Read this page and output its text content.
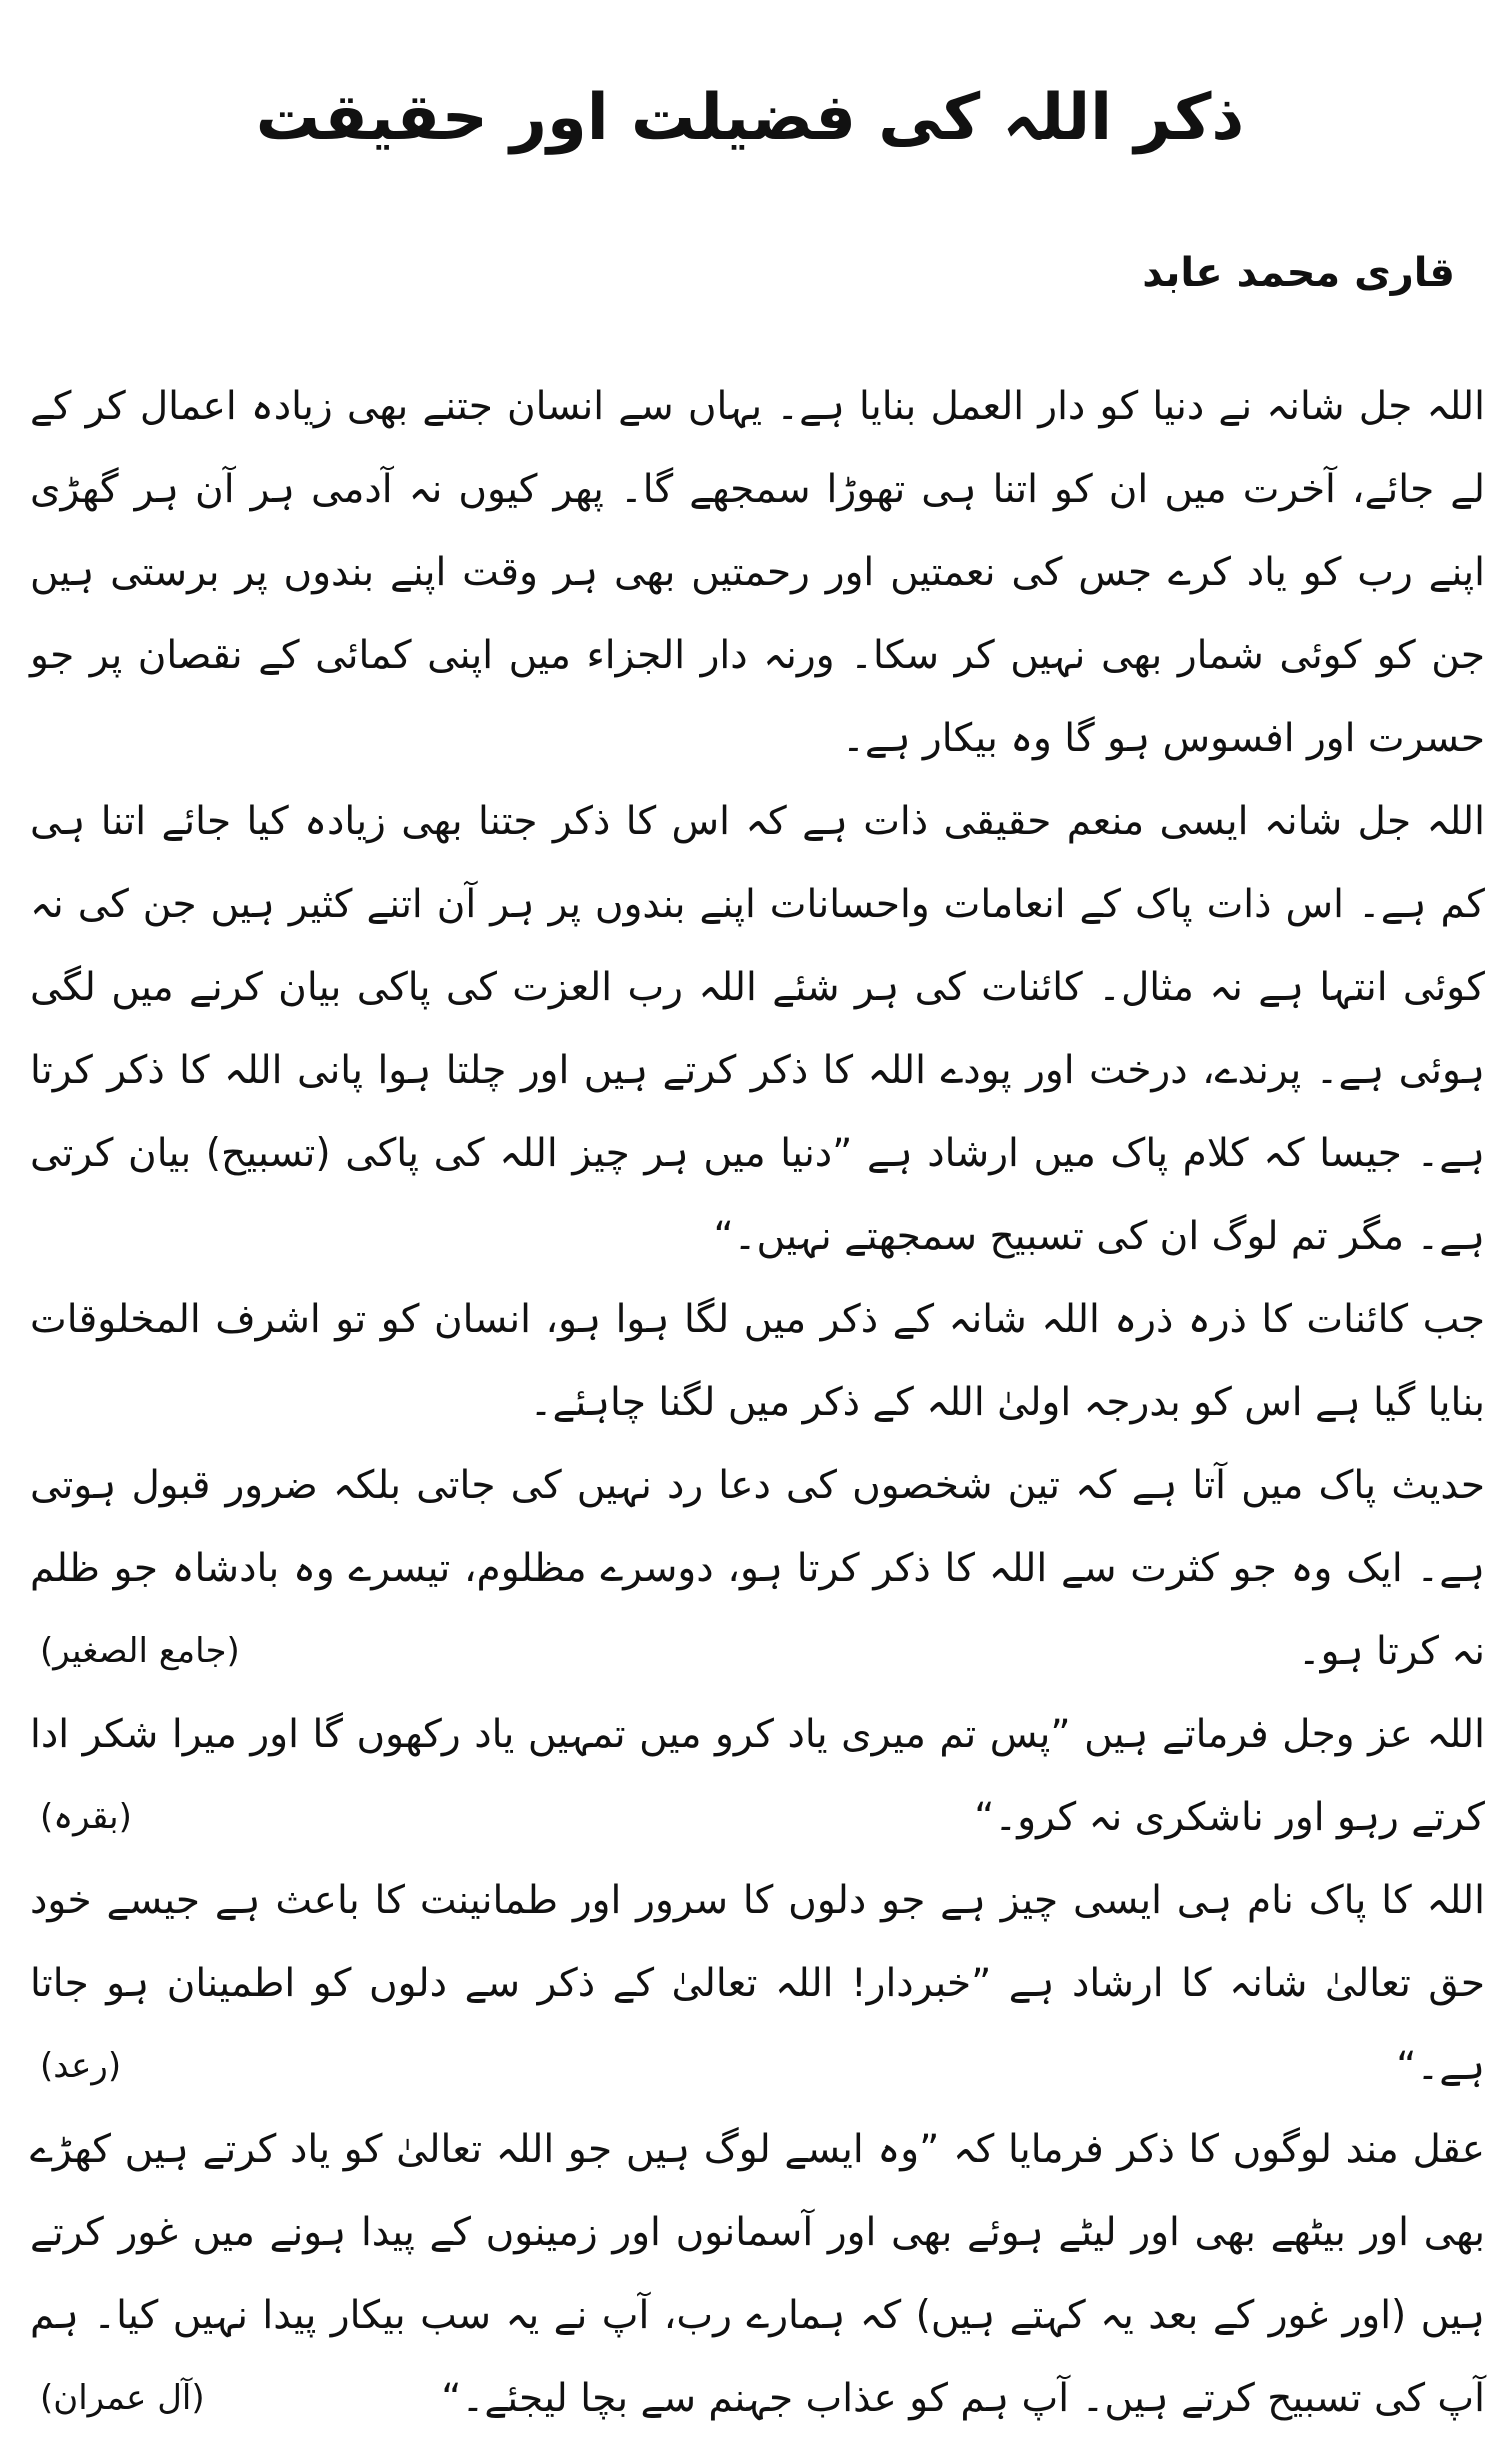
ذکر اللہ کی فضیلت اور حقیقت
قاری محمد عابد

اللہ جل شانہ نے دنیا کو دار العمل بنایا ہے۔ یہاں سے انسان جتنے بھی زیادہ اعمال کر کے لے جائے، آخرت میں ان کو اتنا ہی تھوڑا سمجھے گا۔ پھر کیوں نہ آدمی ہر آن ہر گھڑی اپنے رب کو یاد کرے جس کی نعمتیں اور رحمتیں بھی ہر وقت اپنے بندوں پر برستی ہیں جن کو کوئی شمار بھی نہیں کر سکا۔ ورنہ دار الجزاء میں اپنی کمائی کے نقصان پر جو حسرت اور افسوس ہو گا وہ بیکار ہے۔

اللہ جل شانہ ایسی منعم حقیقی ذات ہے کہ اس کا ذکر جتنا بھی زیادہ کیا جائے اتنا ہی کم ہے۔ اس ذات پاک کے انعامات واحسانات اپنے بندوں پر ہر آن اتنے کثیر ہیں جن کی نہ کوئی انتہا ہے نہ مثال۔ کائنات کی ہر شئے اللہ رب العزت کی پاکی بیان کرنے میں لگی ہوئی ہے۔ پرندے، درخت اور پودے اللہ کا ذکر کرتے ہیں اور چلتا ہوا پانی اللہ کا ذکر کرتا ہے۔ جیسا کہ کلام پاک میں ارشاد ہے ”دنیا میں ہر چیز اللہ کی پاکی (تسبیح) بیان کرتی ہے۔ مگر تم لوگ ان کی تسبیح سمجھتے نہیں۔“

جب کائنات کا ذرہ ذرہ اللہ شانہ کے ذکر میں لگا ہوا ہو، انسان کو تو اشرف المخلوقات بنایا گیا ہے اس کو بدرجہ اولیٰ اللہ کے ذکر میں لگنا چاہئے۔

حدیث پاک میں آتا ہے کہ تین شخصوں کی دعا رد نہیں کی جاتی بلکہ ضرور قبول ہوتی ہے۔ ایک وہ جو کثرت سے اللہ کا ذکر کرتا ہو، دوسرے مظلوم، تیسرے وہ بادشاہ جو ظلم نہ کرتا ہو۔
(جامع الصغیر)

اللہ عز وجل فرماتے ہیں ”پس تم میری یاد کرو میں تمہیں یاد رکھوں گا اور میرا شکر ادا کرتے رہو اور ناشکری نہ کرو۔“
(بقرہ)

اللہ کا پاک نام ہی ایسی چیز ہے جو دلوں کا سرور اور طمانینت کا باعث ہے جیسے خود حق تعالیٰ شانہ کا ارشاد ہے ”خبردار! اللہ تعالیٰ کے ذکر سے دلوں کو اطمینان ہو جاتا ہے۔“
(رعد)

عقل مند لوگوں کا ذکر فرمایا کہ ”وہ ایسے لوگ ہیں جو اللہ تعالیٰ کو یاد کرتے ہیں کھڑے بھی اور بیٹھے بھی اور لیٹے ہوئے بھی اور آسمانوں اور زمینوں کے پیدا ہونے میں غور کرتے ہیں (اور غور کے بعد یہ کہتے ہیں) کہ ہمارے رب، آپ نے یہ سب بیکار پیدا نہیں کیا۔ ہم آپ کی تسبیح کرتے ہیں۔ آپ ہم کو عذاب جہنم سے بچا لیجئے۔“
(آل عمران)
